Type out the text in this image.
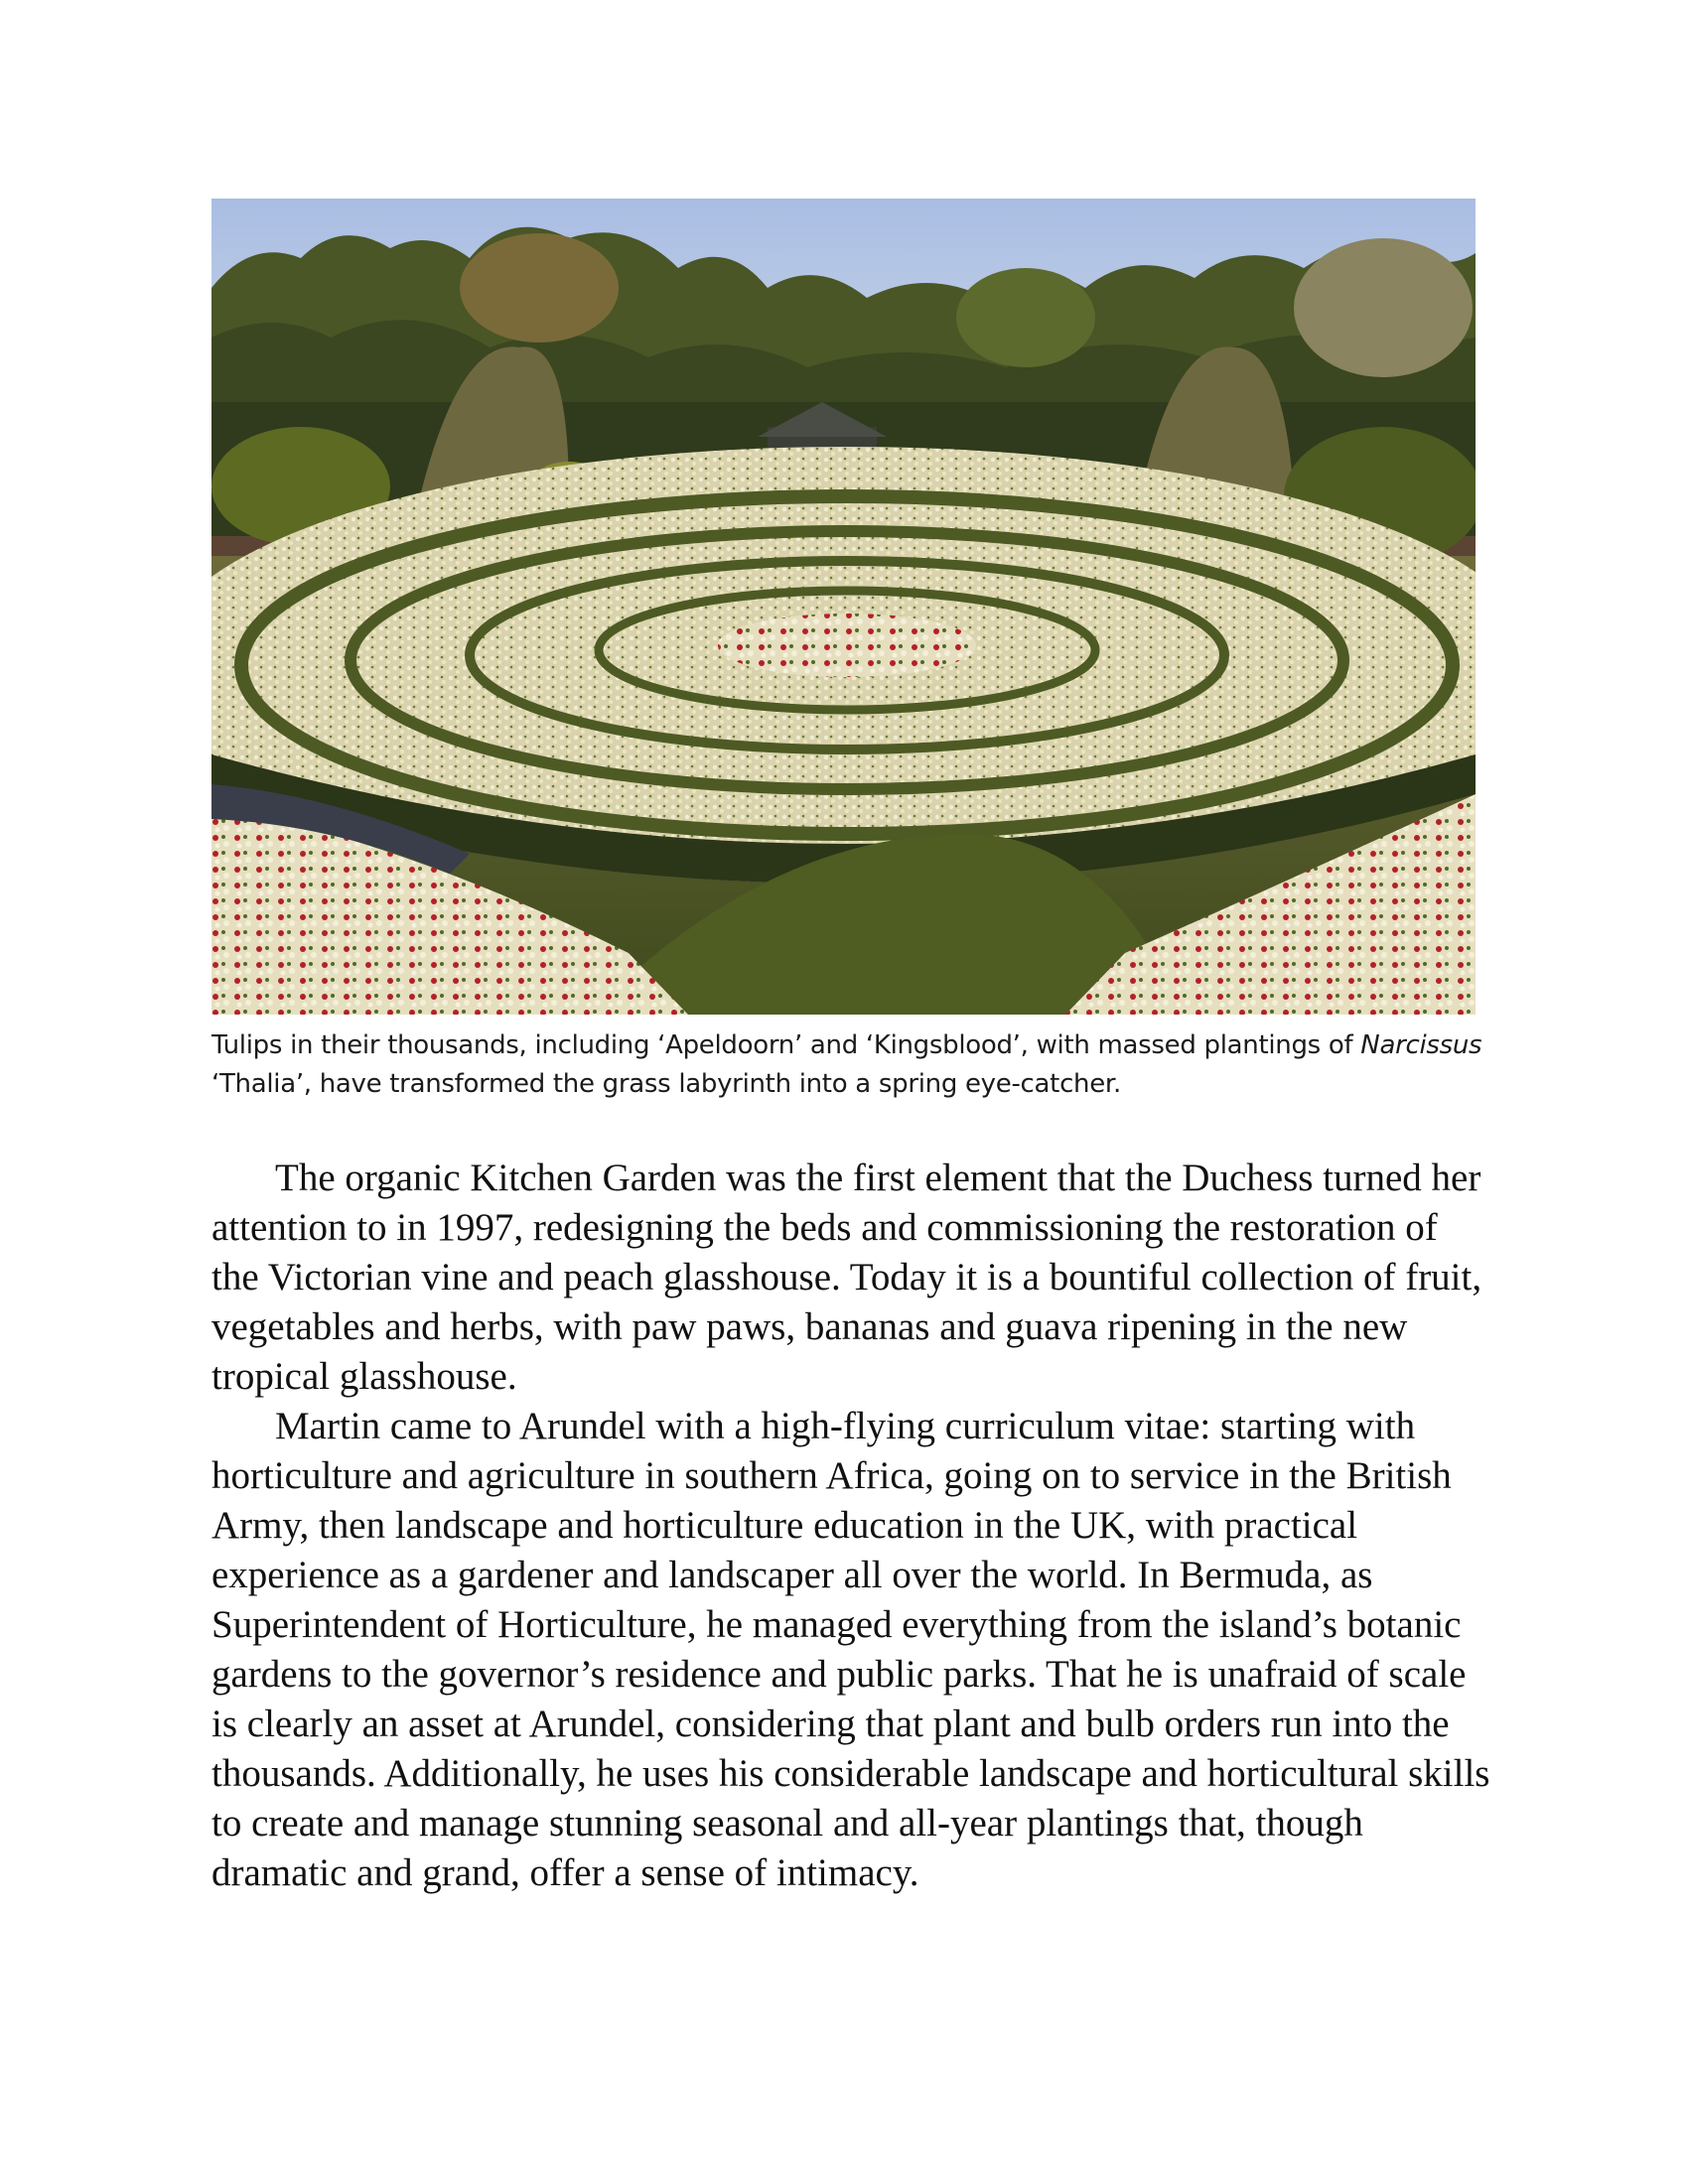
Tulips in their thousands, including ‘Apeldoorn’ and ‘Kingsblood’, with massed plantings of Narcissus ‘Thalia’, have transformed the grass labyrinth into a spring eye-catcher.

The organic Kitchen Garden was the first element that the Duchess turned her attention to in 1997, redesigning the beds and commissioning the restoration of the Victorian vine and peach glasshouse. Today it is a bountiful collection of fruit, vegetables and herbs, with paw paws, bananas and guava ripening in the new tropical glasshouse.

Martin came to Arundel with a high-flying curriculum vitae: starting with horticulture and agriculture in southern Africa, going on to service in the British Army, then landscape and horticulture education in the UK, with practical experience as a gardener and landscaper all over the world. In Bermuda, as Superintendent of Horticulture, he managed everything from the island’s botanic gardens to the governor’s residence and public parks. That he is unafraid of scale is clearly an asset at Arundel, considering that plant and bulb orders run into the thousands. Additionally, he uses his considerable landscape and horticultural skills to create and manage stunning seasonal and all-year plantings that, though dramatic and grand, offer a sense of intimacy.
